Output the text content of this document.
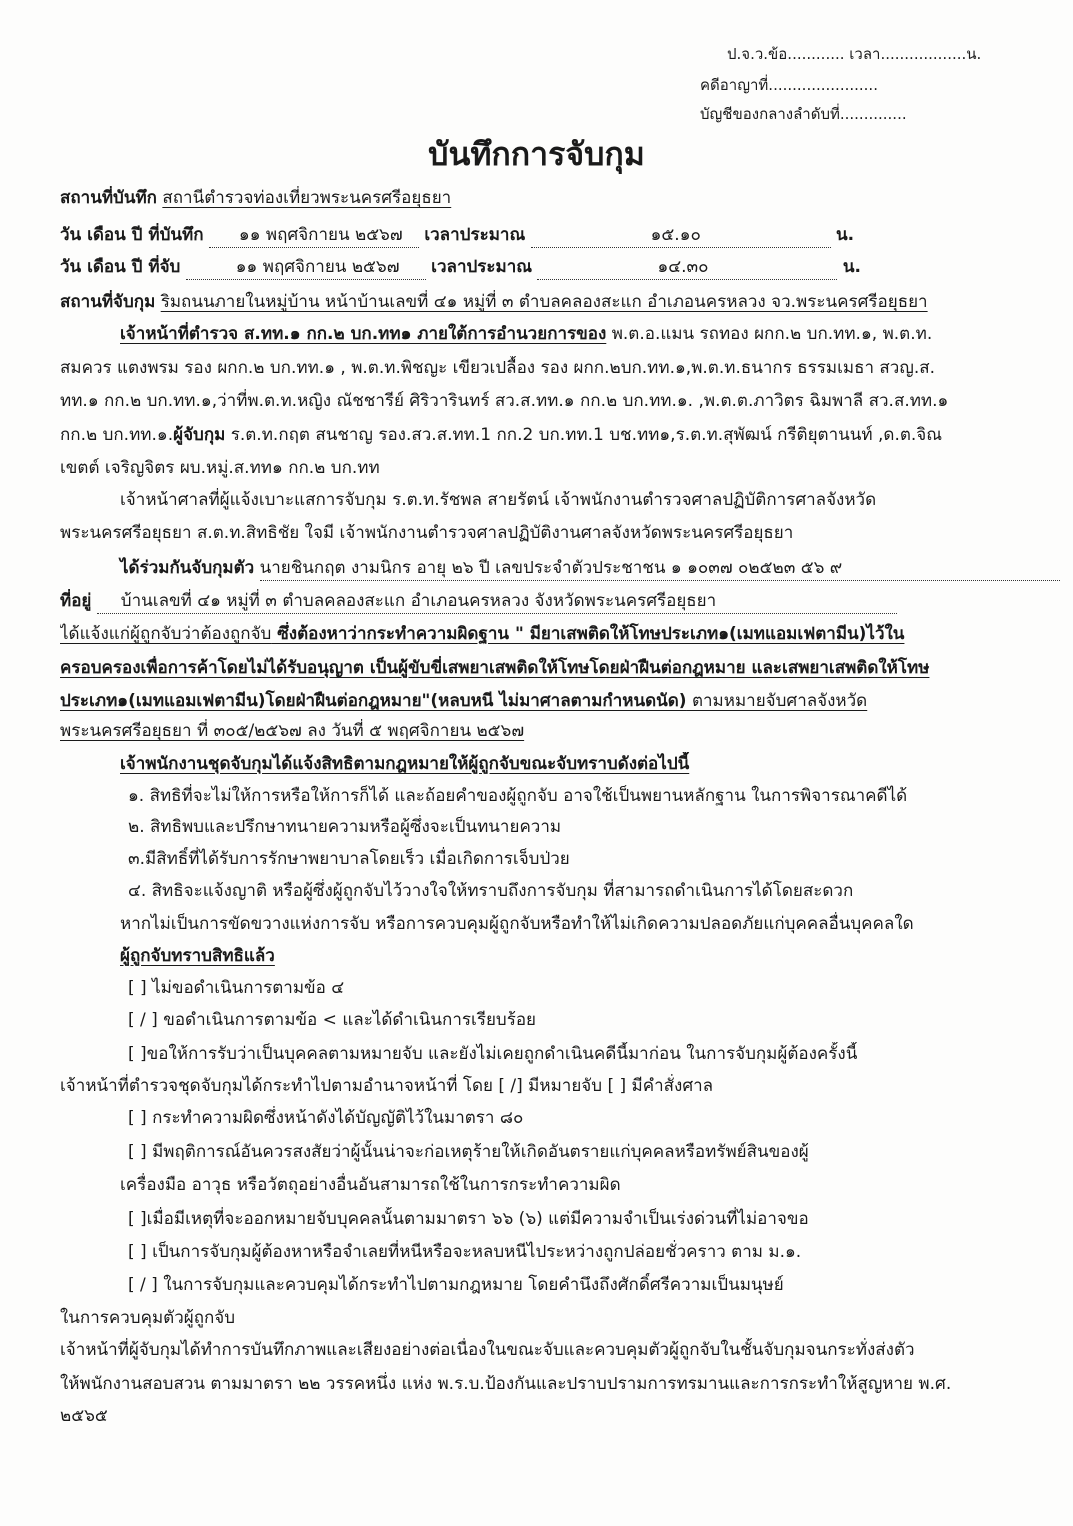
ป.จ.ว.ข้อ............ เวลา..................น.
คดีอาญาที่.......................
บัญชีของกลางลำดับที่..............
บันทึกการจับกุม
สถานที่บันทึก สถานีตำรวจท่องเที่ยวพระนครศรีอยุธยา
วัน เดือน ปี ที่บันทึก ๑๑ พฤศจิกายน ๒๕๖๗ เวลาประมาณ	๑๕.๑๐	น.
วัน เดือน ปี ที่จับ	๑๑ พฤศจิกายน ๒๕๖๗ เวลาประมาณ	๑๔.๓๐	น.
สถานที่จับกุม ริมถนนภายในหมู่บ้าน หน้าบ้านเลขที่ ๔๑ หมู่ที่ ๓ ตำบลคลองสะแก อำเภอนครหลวง จว.พระนครศรีอยุธยา
เจ้าหน้าที่ตำรวจ ส.ทท.๑ กก.๒ บก.ทท๑ ภายใต้การอำนวยการของ พ.ต.อ.แมน รถทอง ผกก.๒ บก.ทท.๑, พ.ต.ท.
สมควร แตงพรม รอง ผกก.๒ บก.ทท.๑ , พ.ต.ท.พิชญะ เขียวเปลื้อง รอง ผกก.๒บก.ทท.๑,พ.ต.ท.ธนากร ธรรมเมธา สวญ.ส.
ทท.๑ กก.๒ บก.ทท.๑,ว่าที่พ.ต.ท.หญิง ณัชชารีย์ ศิริวารินทร์ สว.ส.ทท.๑ กก.๒ บก.ทท.๑. ,พ.ต.ต.ภาวิตร ฉิมพาลี สว.ส.ทท.๑
กก.๒ บก.ทท.๑.ผู้จับกุม ร.ต.ท.กฤต สนชาญ รอง.สว.ส.ทท.1 กก.2 บก.ทท.1 บช.ทท๑,ร.ต.ท.สุพัฒน์ กรีติยุตานนท์ ,ด.ต.จิณ
เขตต์ เจริญจิตร ผบ.หมู่.ส.ทท๑ กก.๒ บก.ทท
เจ้าหน้าศาลที่ผู้แจ้งเบาะแสการจับกุม ร.ต.ท.รัชพล สายรัตน์ เจ้าพนักงานตำรวจศาลปฏิบัติการศาลจังหวัด
พระนครศรีอยุธยา ส.ต.ท.สิทธิชัย ใจมี เจ้าพนักงานตำรวจศาลปฏิบัติงานศาลจังหวัดพระนครศรีอยุธยา
ได้ร่วมกันจับกุมตัว นายชินกฤต งามนิกร อายุ ๒๖ ปี เลขประจำตัวประชาชน ๑ ๑๐๓๗ ๐๒๕๒๓ ๕๖ ๙
ที่อยู่ บ้านเลขที่ ๔๑ หมู่ที่ ๓ ตำบลคลองสะแก อำเภอนครหลวง จังหวัดพระนครศรีอยุธยา
ได้แจ้งแก่ผู้ถูกจับว่าต้องถูกจับ ซึ่งต้องหาว่ากระทำความผิดฐาน " มียาเสพติดให้โทษประเภท๑(เมทแอมเฟตามีน)ไว้ใน
ครอบครองเพื่อการค้าโดยไม่ได้รับอนุญาต เป็นผู้ขับขี่เสพยาเสพติดให้โทษโดยฝ่าฝืนต่อกฎหมาย และเสพยาเสพติดให้โทษ
ประเภท๑(เมทแอมเฟตามีน)โดยฝ่าฝืนต่อกฎหมาย"(หลบหนี ไม่มาศาลตามกำหนดนัด) ตามหมายจับศาลจังหวัด
พระนครศรีอยุธยา ที่ ๓๐๕/๒๕๖๗ ลง วันที่ ๕ พฤศจิกายน ๒๕๖๗
เจ้าพนักงานชุดจับกุมได้แจ้งสิทธิตามกฎหมายให้ผู้ถูกจับขณะจับทราบดังต่อไปนี้
๑. สิทธิที่จะไม่ให้การหรือให้การก็ได้ และถ้อยคำของผู้ถูกจับ อาจใช้เป็นพยานหลักฐาน ในการพิจารณาคดีได้
๒. สิทธิพบและปรึกษาทนายความหรือผู้ซึ่งจะเป็นทนายความ
๓.มีสิทธิ์ที่ได้รับการรักษาพยาบาลโดยเร็ว เมื่อเกิดการเจ็บป่วย
๔. สิทธิจะแจ้งญาติ หรือผู้ซึ่งผู้ถูกจับไว้วางใจให้ทราบถึงการจับกุม ที่สามารถดำเนินการได้โดยสะดวก
หากไม่เป็นการขัดขวางแห่งการจับ หรือการควบคุมผู้ถูกจับหรือทำให้ไม่เกิดความปลอดภัยแก่บุคคลอื่นบุคคลใด
ผู้ถูกจับทราบสิทธิแล้ว
[ ] ไม่ขอดำเนินการตามข้อ ๔
[ / ] ขอดำเนินการตามข้อ < และได้ดำเนินการเรียบร้อย
[ ]ขอให้การรับว่าเป็นบุคคลตามหมายจับ และยังไม่เคยถูกดำเนินคดีนี้มาก่อน ในการจับกุมผู้ต้องครั้งนี้
เจ้าหน้าที่ตำรวจชุดจับกุมได้กระทำไปตามอำนาจหน้าที่ โดย [ /] มีหมายจับ [ ] มีคำสั่งศาล
[ ] กระทำความผิดซึ่งหน้าดังได้บัญญัติไว้ในมาตรา ๘๐
[ ] มีพฤติการณ์อันควรสงสัยว่าผู้นั้นน่าจะก่อเหตุร้ายให้เกิดอันตรายแก่บุคคลหรือทรัพย์สินของผู้
เครื่องมือ อาวุธ หรือวัตถุอย่างอื่นอันสามารถใช้ในการกระทำความผิด
[ ]เมื่อมีเหตุที่จะออกหมายจับบุคคลนั้นตามมาตรา ๖๖ (๖) แต่มีความจำเป็นเร่งด่วนที่ไม่อาจขอ
[ ] เป็นการจับกุมผู้ต้องหาหรือจำเลยที่หนีหรือจะหลบหนีไประหว่างถูกปล่อยชั่วคราว ตาม ม.๑.
[ / ] ในการจับกุมและควบคุมได้กระทำไปตามกฎหมาย โดยคำนึงถึงศักดิ์ศรีความเป็นมนุษย์
ในการควบคุมตัวผู้ถูกจับ
เจ้าหน้าที่ผู้จับกุมได้ทำการบันทึกภาพและเสียงอย่างต่อเนื่องในขณะจับและควบคุมตัวผู้ถูกจับในชั้นจับกุมจนกระทั่งส่งตัว
ให้พนักงานสอบสวน ตามมาตรา ๒๒ วรรคหนึ่ง แห่ง พ.ร.บ.ป้องกันและปราบปรามการทรมานและการกระทำให้สูญหาย พ.ศ.
๒๕๖๕
